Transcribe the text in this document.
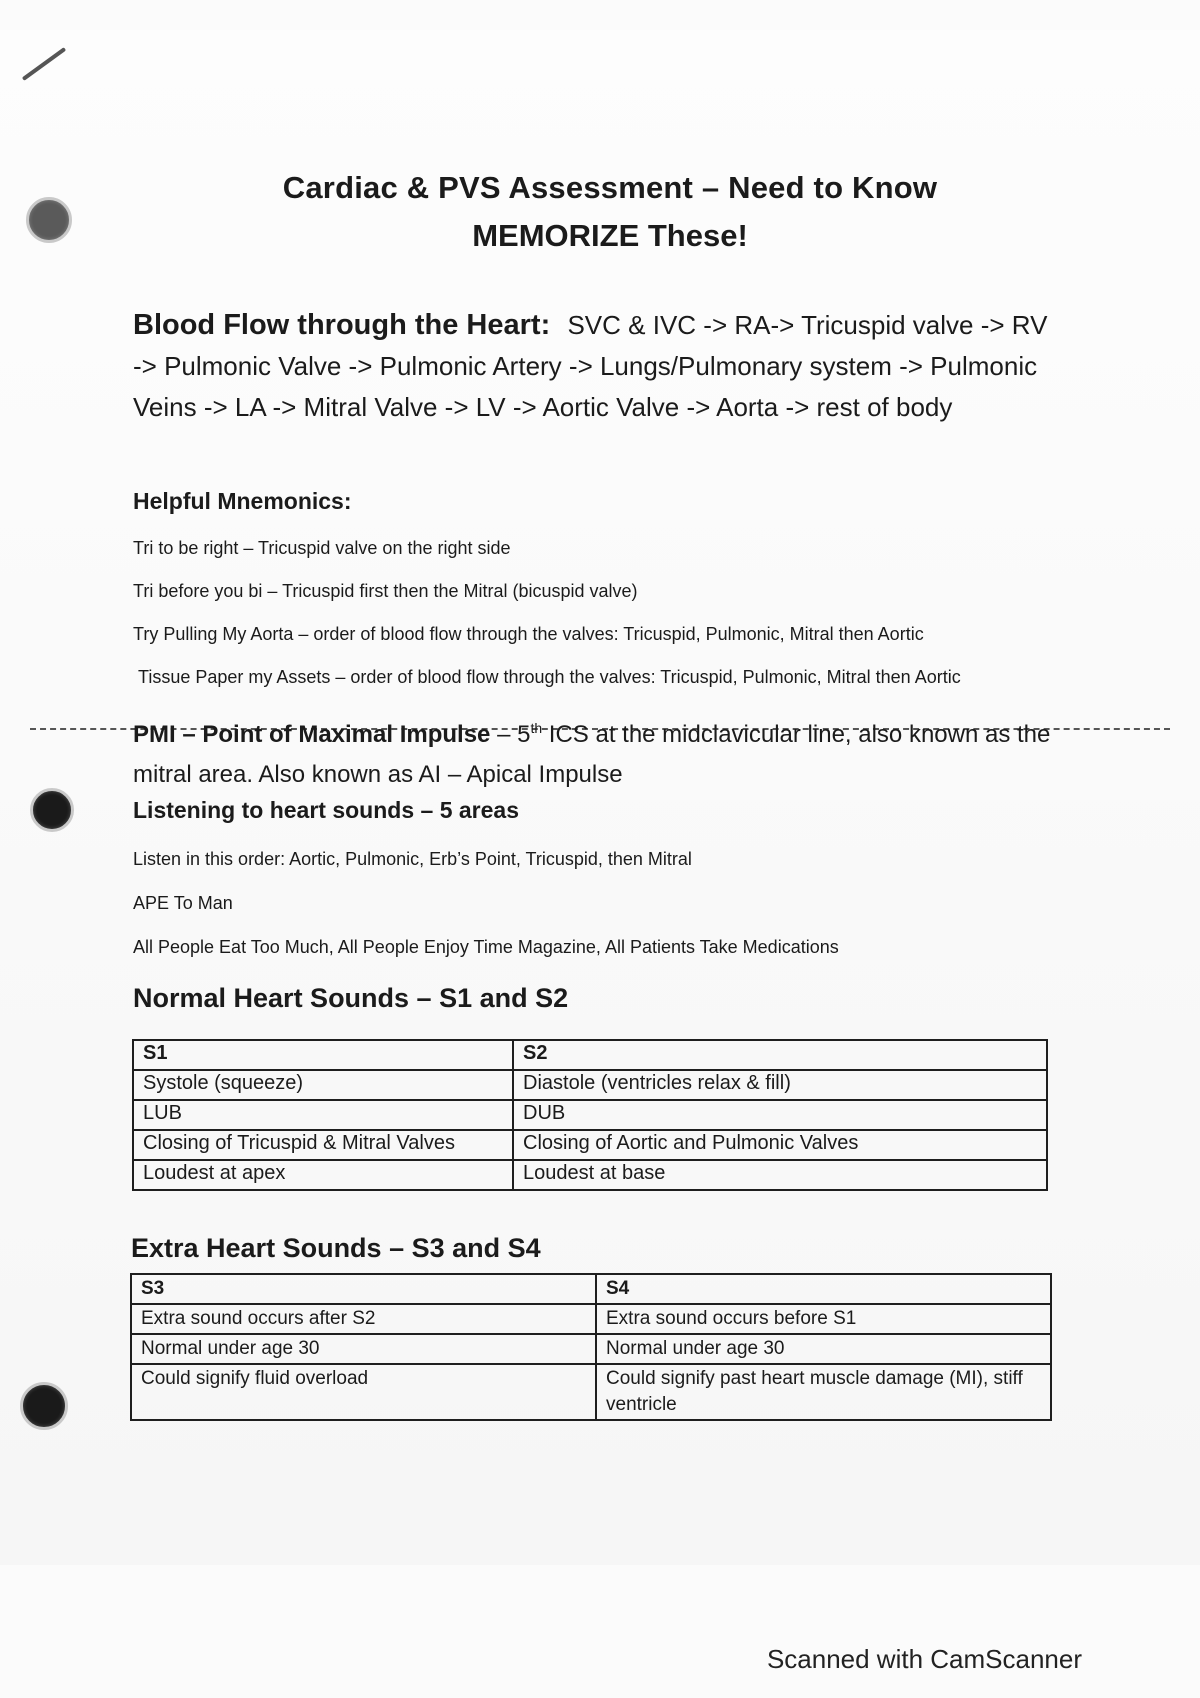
Cardiac & PVS Assessment – Need to Know
MEMORIZE These!
Blood Flow through the Heart: SVC & IVC -> RA-> Tricuspid valve -> RV -> Pulmonic Valve -> Pulmonic Artery -> Lungs/Pulmonary system -> Pulmonic Veins -> LA -> Mitral Valve -> LV -> Aortic Valve -> Aorta -> rest of body
Helpful Mnemonics:
Tri to be right – Tricuspid valve on the right side
Tri before you bi – Tricuspid first then the Mitral (bicuspid valve)
Try Pulling My Aorta – order of blood flow through the valves: Tricuspid, Pulmonic, Mitral then Aortic
Tissue Paper my Assets – order of blood flow through the valves: Tricuspid, Pulmonic, Mitral then Aortic
PMI – Point of Maximal Impulse – 5th ICS at the midclavicular line, also known as the mitral area. Also known as AI – Apical Impulse
Listening to heart sounds – 5 areas
Listen in this order: Aortic, Pulmonic, Erb’s Point, Tricuspid, then Mitral
APE To Man
All People Eat Too Much, All People Enjoy Time Magazine, All Patients Take Medications
Normal Heart Sounds – S1 and S2
S1	S2
Systole (squeeze)	Diastole (ventricles relax & fill)
LUB	DUB
Closing of Tricuspid & Mitral Valves	Closing of Aortic and Pulmonic Valves
Loudest at apex	Loudest at base
Extra Heart Sounds – S3 and S4
S3	S4
Extra sound occurs after S2	Extra sound occurs before S1
Normal under age 30	Normal under age 30
Could signify fluid overload	Could signify past heart muscle damage (MI), stiff ventricle
Scanned with CamScanner
